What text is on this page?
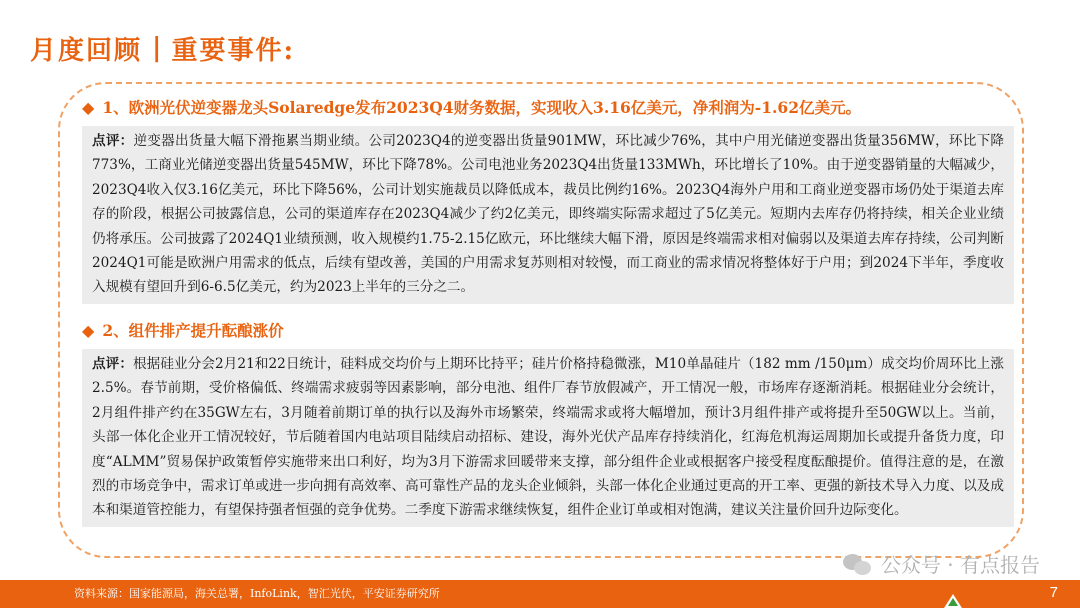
月度回顾 | 重要事件:
◆ 1、欧洲光伏逆变器龙头Solaredge发布2023Q4财务数据，实现收入3.16亿美元，净利润为-1.62亿美元。
点评：逆变器出货量大幅下滑拖累当期业绩。公司2023Q4的逆变器出货量901MW，环比减少76%，其中户用光储逆变器出货量356MW，环比下降773%，工商业光储逆变器出货量545MW，环比下降78%。公司电池业务2023Q4出货量133MWh，环比增长了10%。由于逆变器销量的大幅减少，2023Q4收入仅3.16亿美元，环比下降56%，公司计划实施裁员以降低成本，裁员比例约16%。2023Q4海外户用和工商业逆变器市场仍处于渠道去库存的阶段，根据公司披露信息，公司的渠道库存在2023Q4减少了约2亿美元，即终端实际需求超过了5亿美元。短期内去库存仍将持续，相关企业业绩仍将承压。公司披露了2024Q1业绩预测，收入规模约1.75-2.15亿欧元，环比继续大幅下滑，原因是终端需求相对偏弱以及渠道去库存持续，公司判断2024Q1可能是欧洲户用需求的低点，后续有望改善，美国的户用需求复苏则相对较慢，而工商业的需求情况将整体好于户用；到2024下半年，季度收入规模有望回升到6-6.5亿美元，约为2023上半年的三分之二。
◆ 2、组件排产提升酝酿涨价
点评：根据硅业分会2月21和22日统计，硅料成交均价与上期环比持平；硅片价格持稳微涨，M10单晶硅片（182 mm /150μm）成交均价周环比上涨2.5%。春节前期，受价格偏低、终端需求疲弱等因素影响，部分电池、组件厂春节放假减产，开工情况一般，市场库存逐渐消耗。根据硅业分会统计，2月组件排产约在35GW左右，3月随着前期订单的执行以及海外市场繁荣，终端需求或将大幅增加，预计3月组件排产或将提升至50GW以上。当前，头部一体化企业开工情况较好，节后随着国内电站项目陆续启动招标、建设，海外光伏产品库存持续消化，红海危机海运周期加长或提升备货力度，印度“ALMM”贸易保护政策暂停实施带来出口利好，均为3月下游需求回暖带来支撑，部分组件企业或根据客户接受程度酝酿提价。值得注意的是，在激烈的市场竞争中，需求订单或进一步向拥有高效率、高可靠性产品的龙头企业倾斜，头部一体化企业通过更高的开工率、更强的新技术导入力度、以及成本和渠道管控能力，有望保持强者恒强的竞争优势。二季度下游需求继续恢复，组件企业订单或相对饱满，建议关注量价回升边际变化。
公众号 · 有点报告
资料来源：国家能源局，海关总署，InfoLink，智汇光伏，平安证券研究所	7
